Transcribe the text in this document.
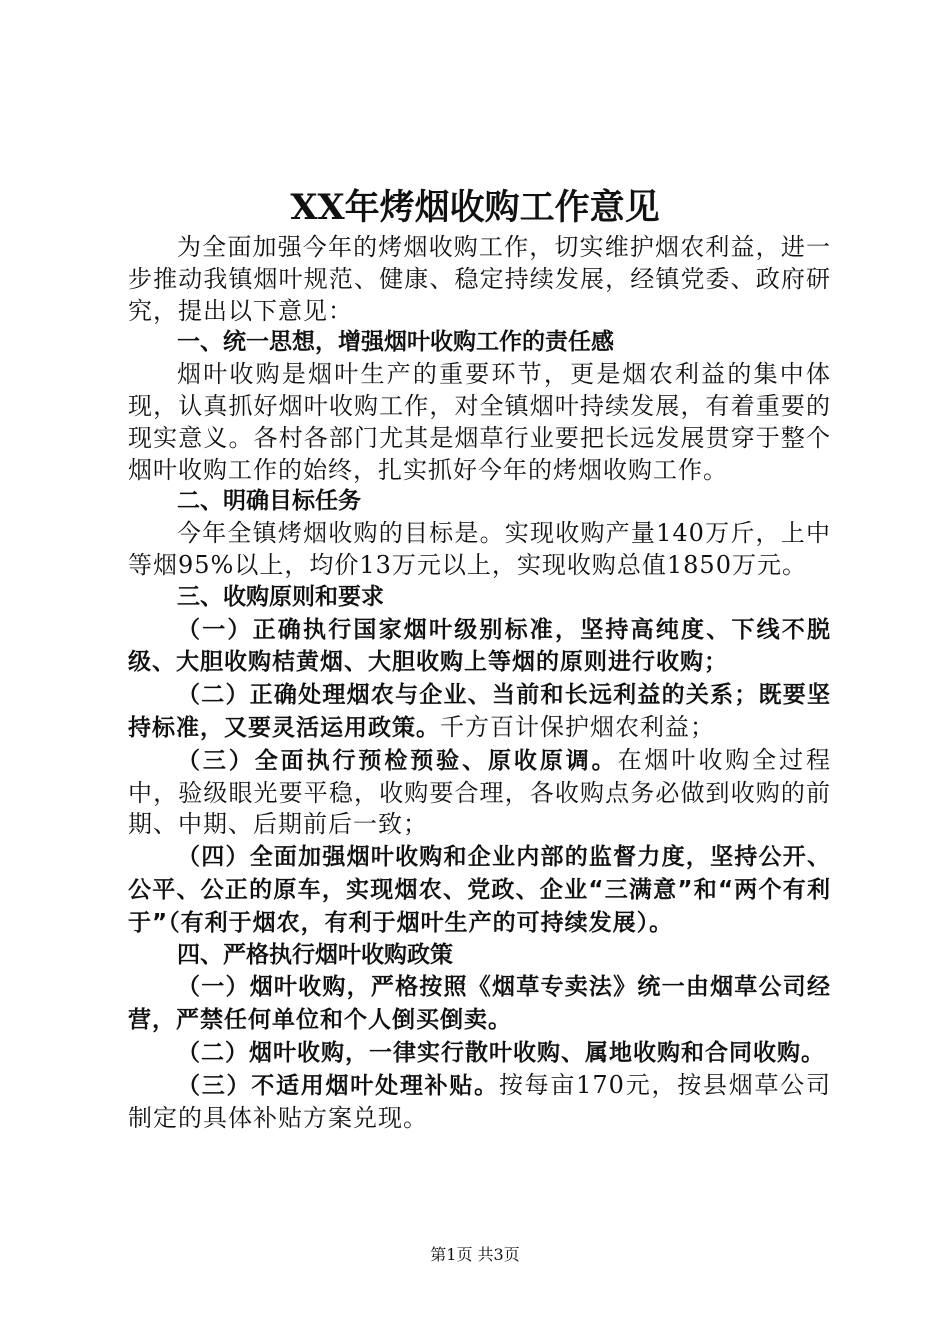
XX年烤烟收购工作意见

为全面加强今年的烤烟收购工作，切实维护烟农利益，进一步推动我镇烟叶规范、健康、稳定持续发展，经镇党委、政府研究，提出以下意见：

一、统一思想，增强烟叶收购工作的责任感

烟叶收购是烟叶生产的重要环节，更是烟农利益的集中体现，认真抓好烟叶收购工作，对全镇烟叶持续发展，有着重要的现实意义。各村各部门尤其是烟草行业要把长远发展贯穿于整个烟叶收购工作的始终，扎实抓好今年的烤烟收购工作。

二、明确目标任务

今年全镇烤烟收购的目标是。实现收购产量140万斤，上中等烟95%以上，均价13万元以上，实现收购总值1850万元。

三、收购原则和要求

（一）正确执行国家烟叶级别标准，坚持高纯度、下线不脱级、大胆收购桔黄烟、大胆收购上等烟的原则进行收购；

（二）正确处理烟农与企业、当前和长远利益的关系；既要坚持标准，又要灵活运用政策。千方百计保护烟农利益；

（三）全面执行预检预验、原收原调。在烟叶收购全过程中，验级眼光要平稳，收购要合理，各收购点务必做到收购的前期、中期、后期前后一致；

（四）全面加强烟叶收购和企业内部的监督力度，坚持公开、公平、公正的原车，实现烟农、党政、企业“三满意”和“两个有利于”（有利于烟农，有利于烟叶生产的可持续发展）。

四、严格执行烟叶收购政策

（一）烟叶收购，严格按照《烟草专卖法》统一由烟草公司经营，严禁任何单位和个人倒买倒卖。

（二）烟叶收购，一律实行散叶收购、属地收购和合同收购。

（三）不适用烟叶处理补贴。按每亩170元，按县烟草公司制定的具体补贴方案兑现。

第1页 共3页
